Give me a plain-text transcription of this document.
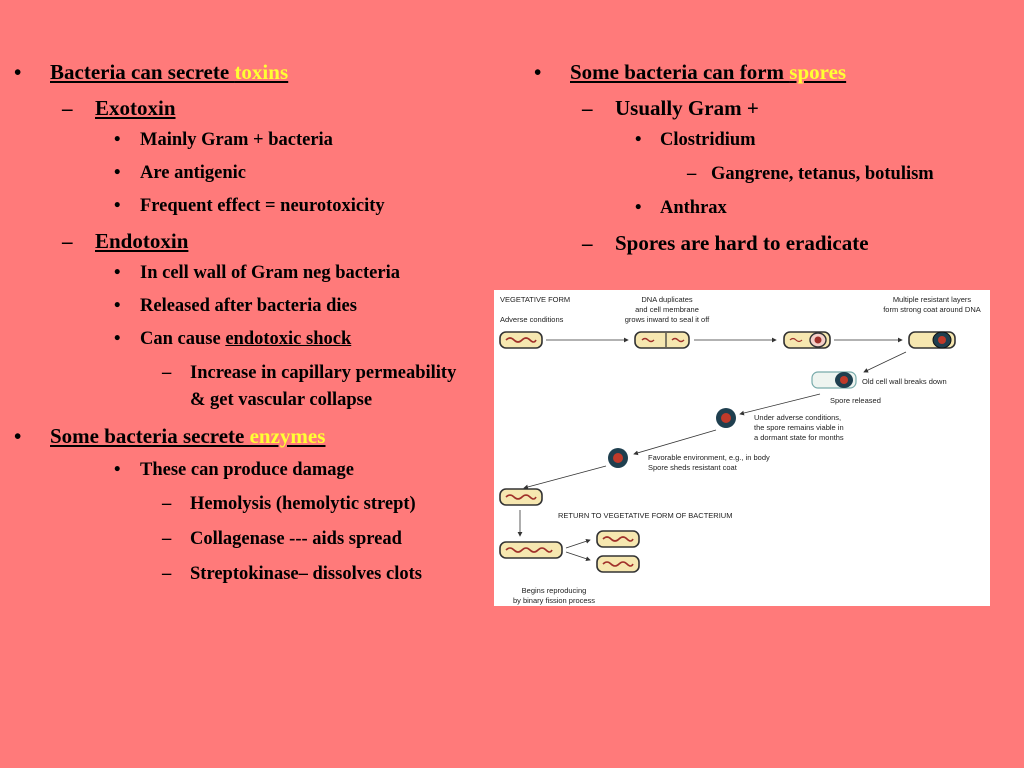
• Bacteria can secrete toxins
– Exotoxin
• Mainly Gram + bacteria
• Are antigenic
• Frequent effect = neurotoxicity
– Endotoxin
• In cell wall of Gram neg bacteria
• Released after bacteria dies
• Can cause endotoxic shock
– Increase in capillary permeability & get vascular collapse
• Some bacteria secrete enzymes
• These can produce damage
– Hemolysis (hemolytic strept)
– Collagenase --- aids spread
– Streptokinase– dissolves clots
• Some bacteria can form spores
– Usually Gram +
• Clostridium
– Gangrene, tetanus, botulism
• Anthrax
– Spores are hard to eradicate
VEGETATIVE FORM
Adverse conditions
DNA duplicates
and cell membrane
grows inward to seal it off
Multiple resistant layers
form strong coat around DNA
Old cell wall breaks down
Spore released
Under adverse conditions,
the spore remains viable in
a dormant state for months
Favorable environment, e.g., in body
Spore sheds resistant coat
RETURN TO VEGETATIVE FORM OF BACTERIUM
Begins reproducing
by binary fission process
